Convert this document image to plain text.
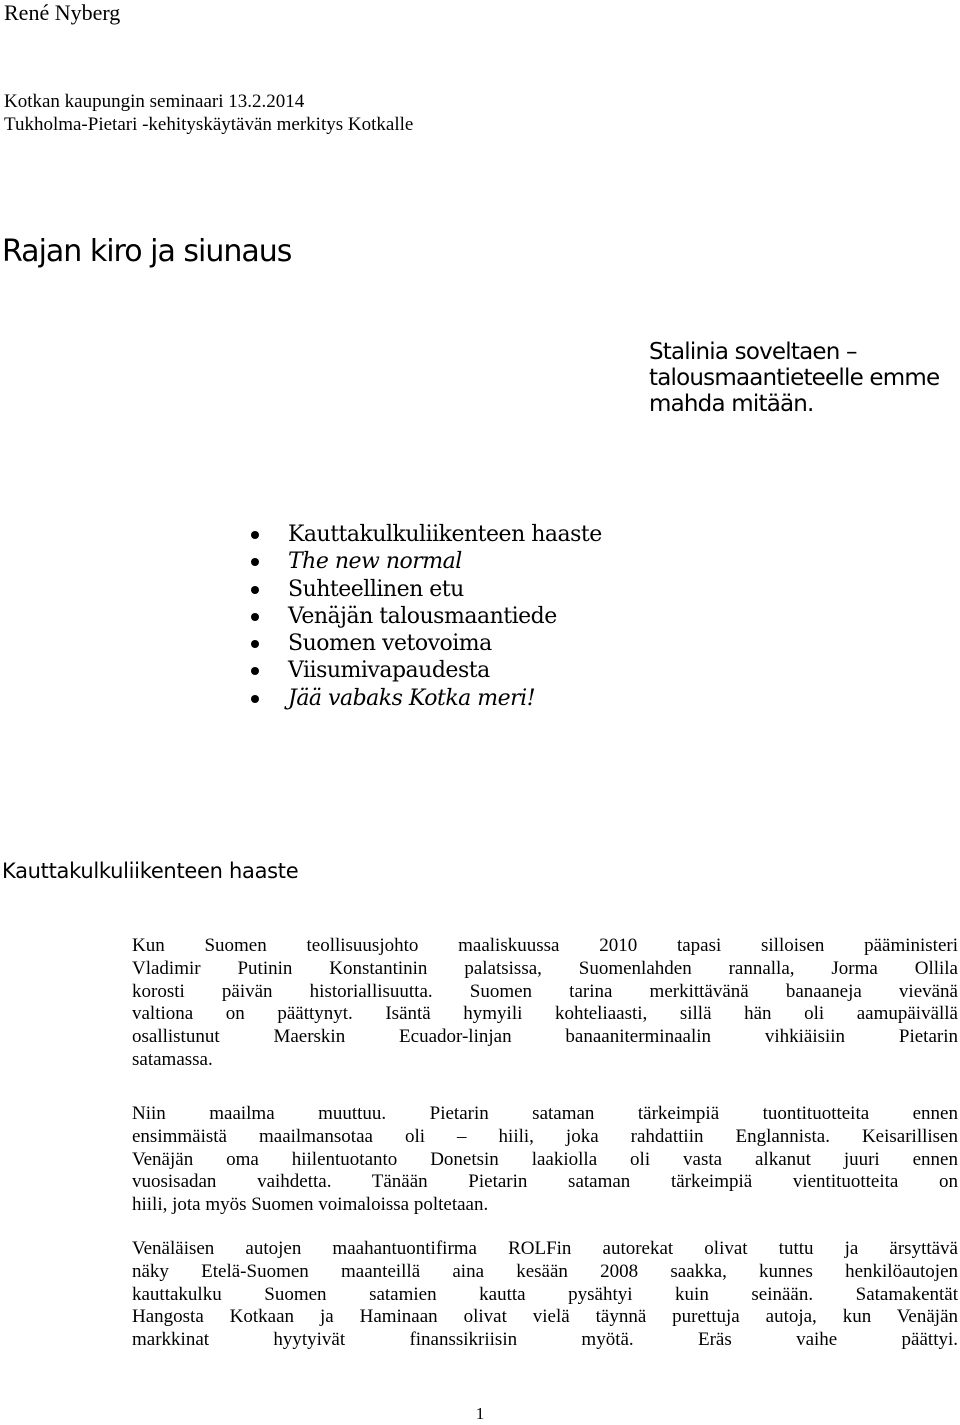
René Nyberg
Kotkan kaupungin seminaari 13.2.2014
Tukholma-Pietari -kehityskäytävän merkitys Kotkalle
Rajan kiro ja siunaus
Stalinia soveltaen –
talousmaantieteelle emme
mahda mitään.
Kauttakulkuliikenteen haaste
The new normal
Suhteellinen etu
Venäjän talousmaantiede
Suomen vetovoima
Viisumivapaudesta
Jää vabaks Kotka meri!
Kauttakulkuliikenteen haaste
Kun Suomen teollisuusjohto maaliskuussa 2010 tapasi silloisen pääministeri
Vladimir Putinin Konstantinin palatsissa, Suomenlahden rannalla, Jorma Ollila
korosti päivän historiallisuutta. Suomen tarina merkittävänä banaaneja vievänä
valtiona on päättynyt. Isäntä hymyili kohteliaasti, sillä hän oli aamupäivällä
osallistunut Maerskin Ecuador-linjan banaaniterminaalin vihkiäisiin Pietarin
satamassa.
Niin maailma muuttuu. Pietarin sataman tärkeimpiä tuontituotteita ennen
ensimmäistä maailmansotaa oli – hiili, joka rahdattiin Englannista. Keisarillisen
Venäjän oma hiilentuotanto Donetsin laakiolla oli vasta alkanut juuri ennen
vuosisadan vaihdetta. Tänään Pietarin sataman tärkeimpiä vientituotteita on
hiili, jota myös Suomen voimaloissa poltetaan.
Venäläisen autojen maahantuontifirma ROLFin autorekat olivat tuttu ja ärsyttävä
näky Etelä-Suomen maanteillä aina kesään 2008 saakka, kunnes henkilöautojen
kauttakulku Suomen satamien kautta pysähtyi kuin seinään. Satamakentät
Hangosta Kotkaan ja Haminaan olivat vielä täynnä purettuja autoja, kun Venäjän
markkinat hyytyivät finanssikriisin myötä. Eräs vaihe päättyi.
1
